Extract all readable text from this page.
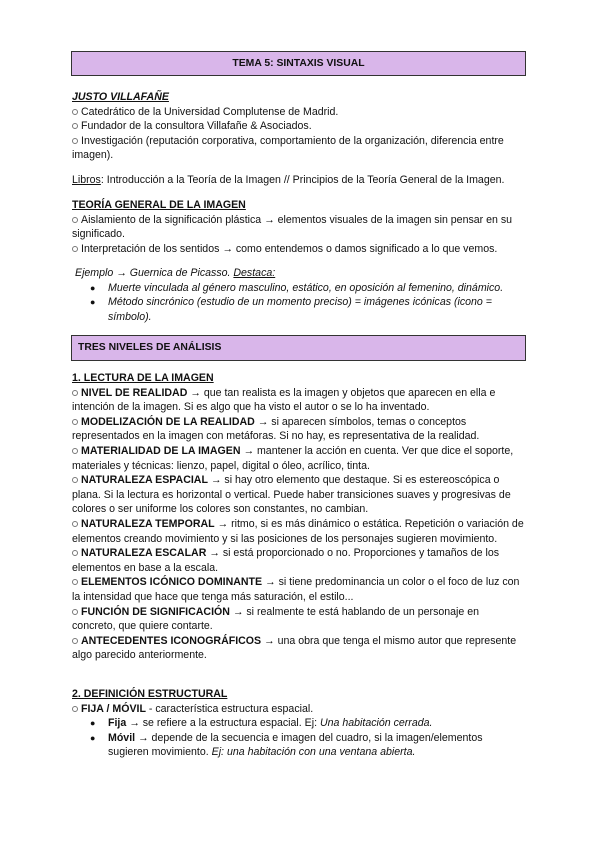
TEMA 5: SINTAXIS VISUAL

JUSTO VILLAFAÑE

Catedrático de la Universidad Complutense de Madrid.
Fundador de la consultora Villafañe & Asociados.
Investigación (reputación corporativa, comportamiento de la organización, diferencia entre imagen).

Libros: Introducción a la Teoría de la Imagen // Principios de la Teoría General de la Imagen.

TEORÍA GENERAL DE LA IMAGEN

Aislamiento de la significación plástica → elementos visuales de la imagen sin pensar en su significado.
Interpretación de los sentidos → como entendemos o damos significado a lo que vemos.

Ejemplo → Guernica de Picasso. Destaca:

● Muerte vinculada al género masculino, estático, en oposición al femenino, dinámico.
● Método sincrónico (estudio de un momento preciso) = imágenes icónicas (icono = símbolo).
TRES NIVELES DE ANÁLISIS

1. LECTURA DE LA IMAGEN

NIVEL DE REALIDAD → que tan realista es la imagen y objetos que aparecen en ella e intención de la imagen. Si es algo que ha visto el autor o se lo ha inventado.
MODELIZACIÓN DE LA REALIDAD → si aparecen símbolos, temas o conceptos representados en la imagen con metáforas. Si no hay, es representativa de la realidad.
MATERIALIDAD DE LA IMAGEN → mantener la acción en cuenta. Ver que dice el soporte, materiales y técnicas: lienzo, papel, digital o óleo, acrílico, tinta.
NATURALEZA ESPACIAL → si hay otro elemento que destaque. Si es estereoscópica o plana. Si la lectura es horizontal o vertical. Puede haber transiciones suaves y progresivas de colores o ser uniforme los colores son constantes, no cambian.
NATURALEZA TEMPORAL → ritmo, si es más dinámico o estática. Repetición o variación de elementos creando movimiento y si las posiciones de los personajes sugieren movimiento.
NATURALEZA ESCALAR → si está proporcionado o no. Proporciones y tamaños de los elementos en base a la escala.
ELEMENTOS ICÓNICO DOMINANTE → si tiene predominancia un color o el foco de luz con la intensidad que hace que tenga más saturación, el estilo...
FUNCIÓN DE SIGNIFICACIÓN → si realmente te está hablando de un personaje en concreto, que quiere contarte.
ANTECEDENTES ICONOGRÁFICOS → una obra que tenga el mismo autor que represente algo parecido anteriormente.

2. DEFINICIÓN ESTRUCTURAL

FIJA / MÓVIL - característica estructura espacial.
● Fija → se refiere a la estructura espacial. Ej: Una habitación cerrada.
● Móvil → depende de la secuencia e imagen del cuadro, si la imagen/elementos sugieren movimiento. Ej: una habitación con una ventana abierta.
